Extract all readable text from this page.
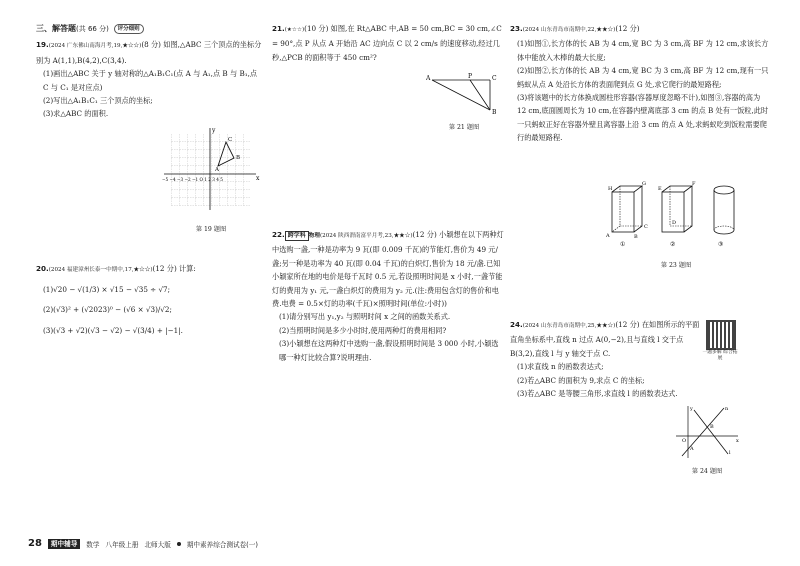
三、解答题(共 66 分) 评分细则

19.(2024 广东佛山南海月考,19,★☆☆)(8 分) 如图,△ABC 三个顶点的坐标分别为 A(1,1),B(4,2),C(3,4).

(1)画出△ABC 关于 y 轴对称的△A₁B₁C₁(点 A 与 A₁,点 B 与 B₁,点 C 与 C₁ 是对应点)

(2)写出△A₁B₁C₁ 三个顶点的坐标;

(3)求△ABC 的面积.

x
y
A
B
C
−5 −4 −3 −2 −1 O 1 2 3 4 5
第 19 题图

20.(2024 福建漳州长泰一中期中,17,★☆☆)(12 分) 计算:

(1)√20 − √(1/3) × √15 − √35 ÷ √7;

(2)(√3)² + (√2023)⁰ − (√6 × √3)/√2;

(3)(√3 + √2)(√3 − √2) − √(3/4) + |−1|.

21.(★☆☆)(10 分) 如图,在 Rt△ABC 中,AB = 50 cm,BC = 30 cm,∠C = 90°,点 P 从点 A 开始沿 AC 边向点 C 以 2 cm/s 的速度移动,经过几秒,△PCB 的面积等于 450 cm²?

A	P	C
B
第 21 题图

22. 跨学科 物理(2024 陕西渭南富平月考,23,★★☆)(12 分) 小颖想在以下两种灯中选购一盏,一种是功率为 9 瓦(即 0.009 千瓦)的节能灯,售价为 49 元/盏;另一种是功率为 40 瓦(即 0.04 千瓦)的白炽灯,售价为 18 元/盏.已知小颖家所在地的电价是每千瓦时 0.5 元,若设照明时间是 x 小时,一盏节能灯的费用为 y₁ 元,一盏白炽灯的费用为 y₂ 元.(注:费用包含灯的售价和电费.电费 = 0.5×灯的功率(千瓦)×照明时间(单位:小时))

(1)请分别写出 y₁,y₂ 与照明时间 x 之间的函数关系式.

(2)当照明时间是多少小时时,使用两种灯的费用相同?

(3)小颖想在这两种灯中选购一盏,假设照明时间是 3 000 小时,小颖选哪一种灯比较合算?说明理由.

23.(2024 山东青岛市南期中,22,★★☆)(12 分)

(1)如图①,长方体的长 AB 为 4 cm,宽 BC 为 3 cm,高 BF 为 12 cm,求该长方体中能放入木棒的最大长度;

(2)如图②,长方体的长 AB 为 4 cm,宽 BC 为 3 cm,高 BF 为 12 cm,现有一只蚂蚁从点 A 处沿长方体的表面爬到点 G 处,求它爬行的最短路程;

(3)将该题中的长方体换成圆柱形容器(容器厚度忽略不计),如图③,容器的高为 12 cm,底面圆周长为 10 cm,在容器内壁离底部 3 cm 的点 B 处有一饭粒,此时一只蚂蚁正好在容器外壁且离容器上沿 3 cm 的点 A 处,求蚂蚁吃到饭粒需要爬行的最短路程.

H
G
A	B
C
①
E
F
D
②	③
第 23 题图

24.(2024 山东青岛市南期中,25,★★☆)(12 分) 在如图所示的平面直角坐标系中,直线 n 过点 A(0,−2),且与直线 l 交于点 B(3,2),直线 l 与 y 轴交于点 C.

(1)求直线 n 的函数表达式;

(2)若△ABC 的面积为 9,求点 C 的坐标;

(3)若△ABC 是等腰三角形,求直线 l 的函数表达式.

一题多解 综合拓展
y
x
O
A
B
n
l
第 24 题图
28	期中辅导	数学 八年级上册 北师大版 期中素养综合测试卷(一)
